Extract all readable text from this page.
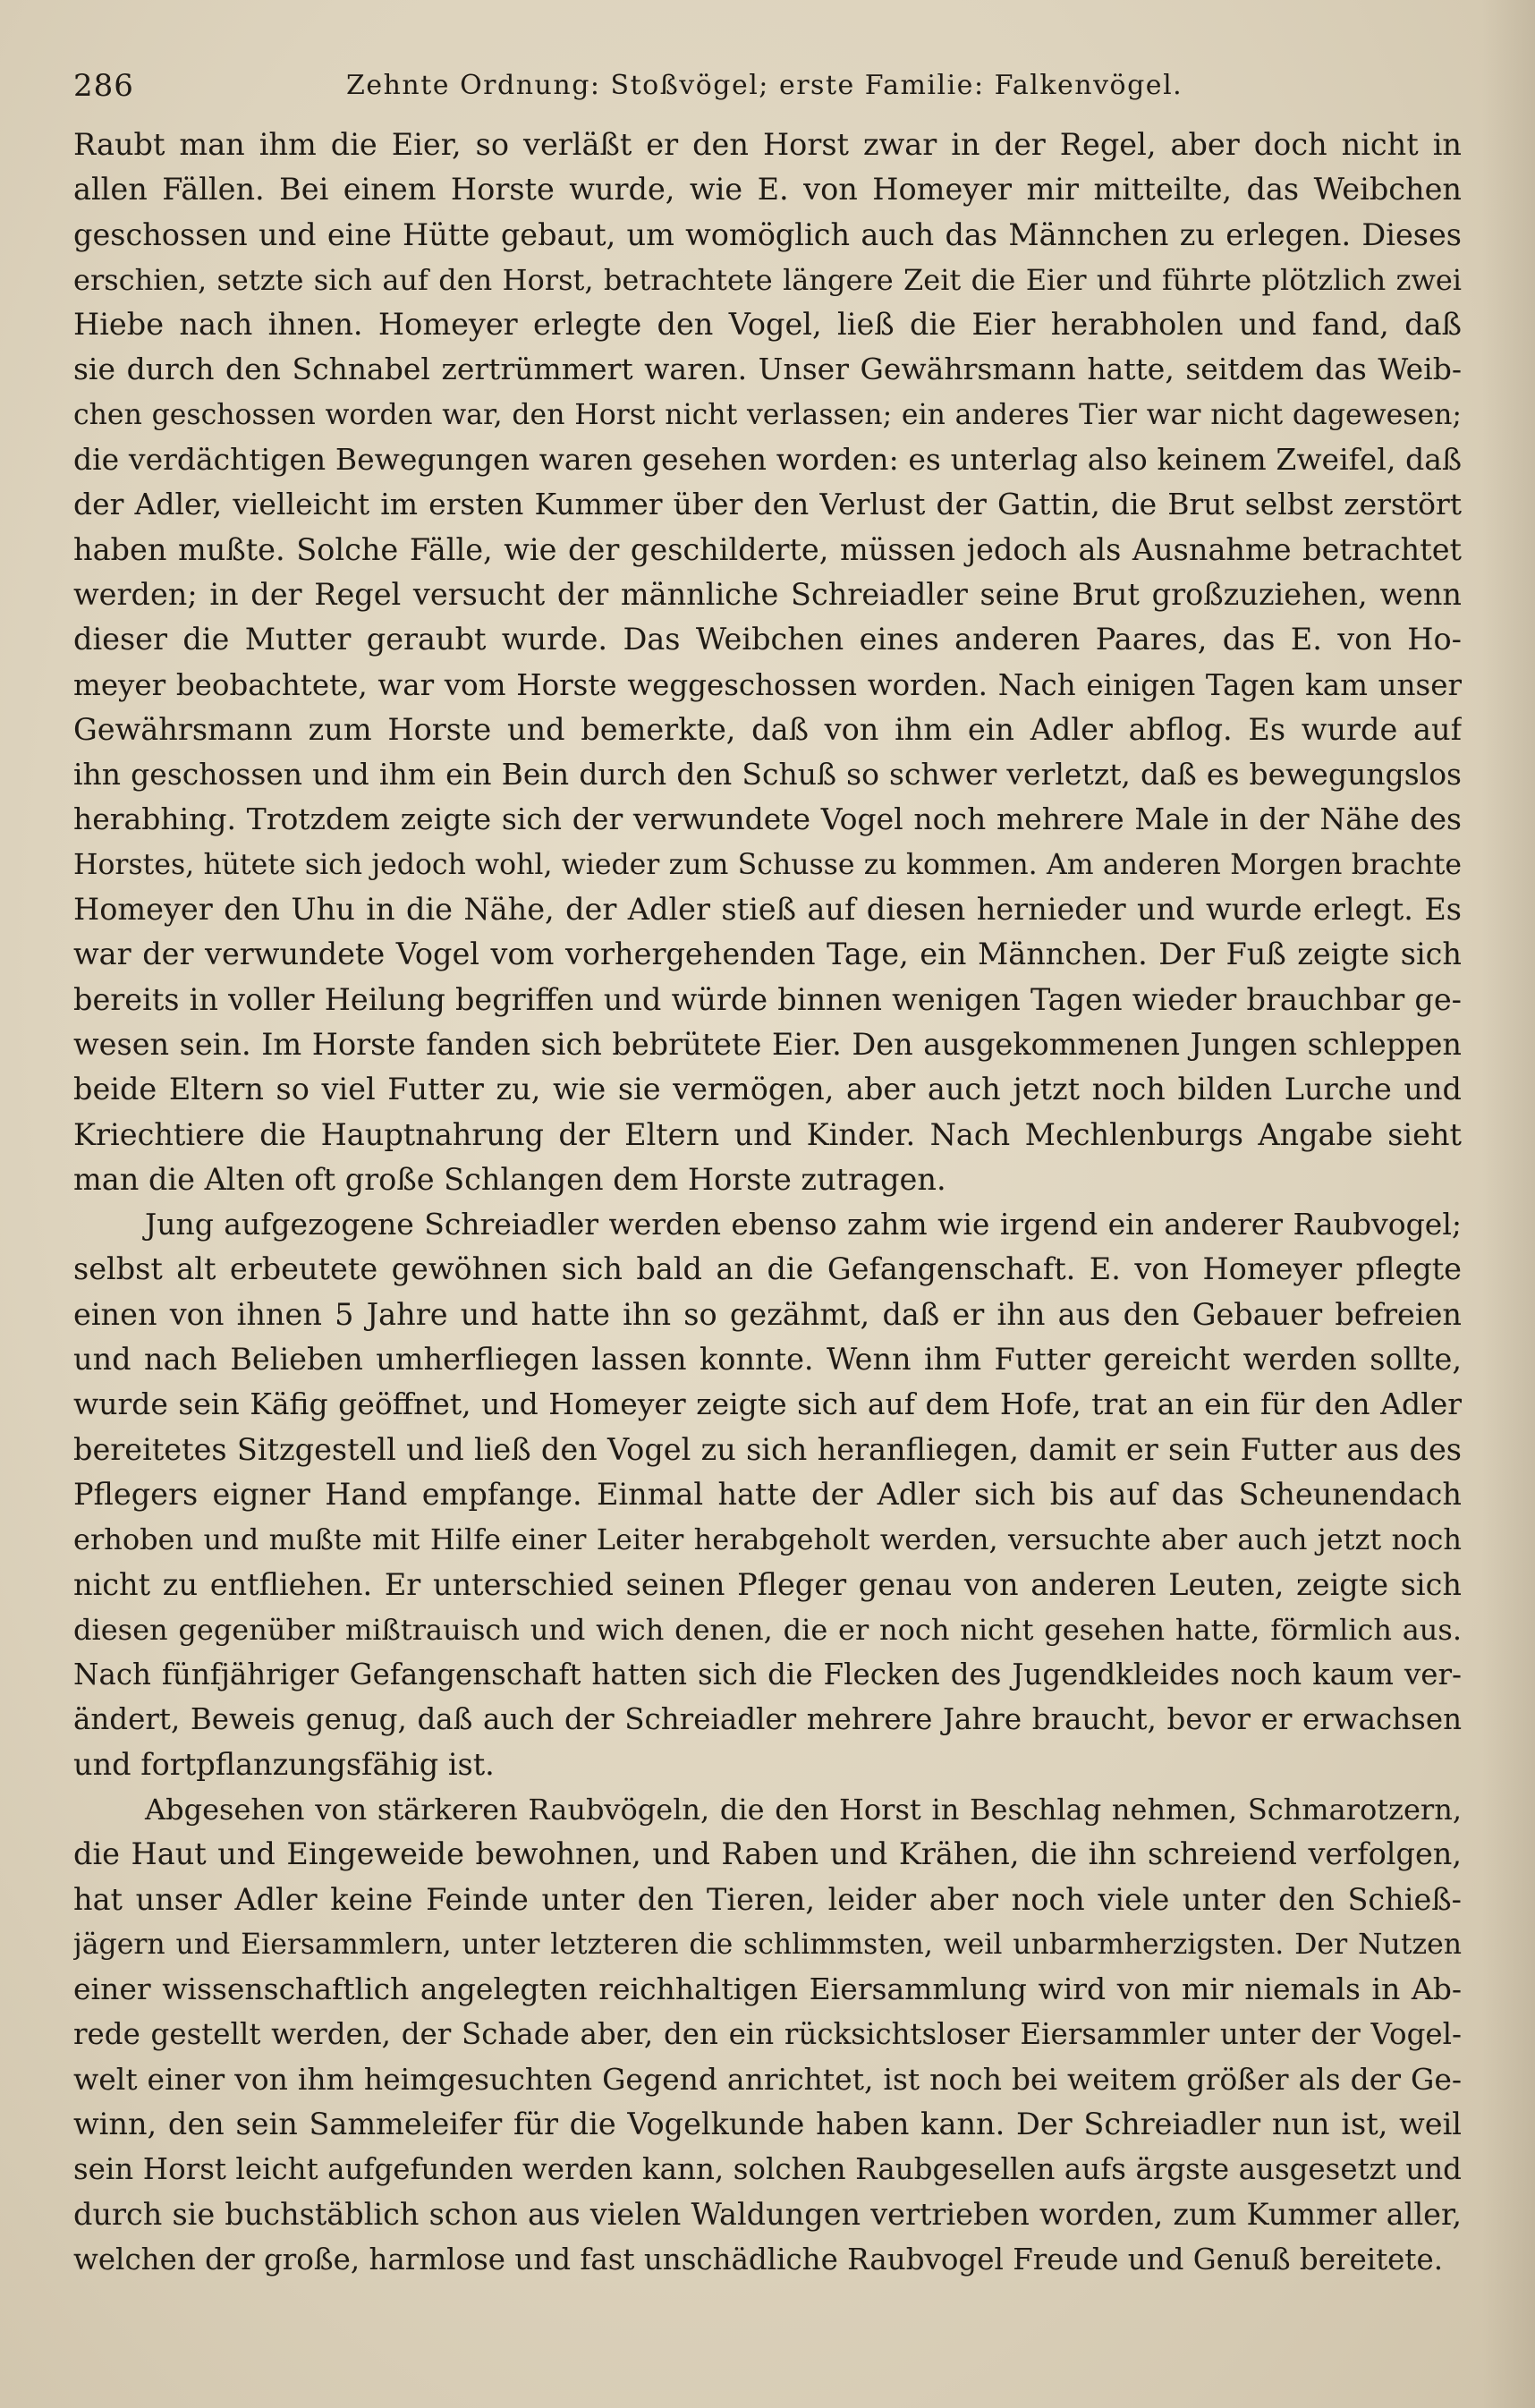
286	Zehnte Ordnung: Stoßvögel; erste Familie: Falkenvögel.
Raubt man ihm die Eier, so verläßt er den Horst zwar in der Regel, aber doch nicht in
allen Fällen. Bei einem Horste wurde, wie E. von Homeyer mir mitteilte, das Weibchen
geschossen und eine Hütte gebaut, um womöglich auch das Männchen zu erlegen. Dieses
erschien, setzte sich auf den Horst, betrachtete längere Zeit die Eier und führte plötzlich zwei
Hiebe nach ihnen. Homeyer erlegte den Vogel, ließ die Eier herabholen und fand, daß
sie durch den Schnabel zertrümmert waren. Unser Gewährsmann hatte, seitdem das Weib-
chen geschossen worden war, den Horst nicht verlassen; ein anderes Tier war nicht dagewesen;
die verdächtigen Bewegungen waren gesehen worden: es unterlag also keinem Zweifel, daß
der Adler, vielleicht im ersten Kummer über den Verlust der Gattin, die Brut selbst zerstört
haben mußte. Solche Fälle, wie der geschilderte, müssen jedoch als Ausnahme betrachtet
werden; in der Regel versucht der männliche Schreiadler seine Brut großzuziehen, wenn
dieser die Mutter geraubt wurde. Das Weibchen eines anderen Paares, das E. von Ho-
meyer beobachtete, war vom Horste weggeschossen worden. Nach einigen Tagen kam unser
Gewährsmann zum Horste und bemerkte, daß von ihm ein Adler abflog. Es wurde auf
ihn geschossen und ihm ein Bein durch den Schuß so schwer verletzt, daß es bewegungslos
herabhing. Trotzdem zeigte sich der verwundete Vogel noch mehrere Male in der Nähe des
Horstes, hütete sich jedoch wohl, wieder zum Schusse zu kommen. Am anderen Morgen brachte
Homeyer den Uhu in die Nähe, der Adler stieß auf diesen hernieder und wurde erlegt. Es
war der verwundete Vogel vom vorhergehenden Tage, ein Männchen. Der Fuß zeigte sich
bereits in voller Heilung begriffen und würde binnen wenigen Tagen wieder brauchbar ge-
wesen sein. Im Horste fanden sich bebrütete Eier. Den ausgekommenen Jungen schleppen
beide Eltern so viel Futter zu, wie sie vermögen, aber auch jetzt noch bilden Lurche und
Kriechtiere die Hauptnahrung der Eltern und Kinder. Nach Mechlenburgs Angabe sieht
man die Alten oft große Schlangen dem Horste zutragen.
Jung aufgezogene Schreiadler werden ebenso zahm wie irgend ein anderer Raubvogel;
selbst alt erbeutete gewöhnen sich bald an die Gefangenschaft. E. von Homeyer pflegte
einen von ihnen 5 Jahre und hatte ihn so gezähmt, daß er ihn aus den Gebauer befreien
und nach Belieben umherfliegen lassen konnte. Wenn ihm Futter gereicht werden sollte,
wurde sein Käfig geöffnet, und Homeyer zeigte sich auf dem Hofe, trat an ein für den Adler
bereitetes Sitzgestell und ließ den Vogel zu sich heranfliegen, damit er sein Futter aus des
Pflegers eigner Hand empfange. Einmal hatte der Adler sich bis auf das Scheunendach
erhoben und mußte mit Hilfe einer Leiter herabgeholt werden, versuchte aber auch jetzt noch
nicht zu entfliehen. Er unterschied seinen Pfleger genau von anderen Leuten, zeigte sich
diesen gegenüber mißtrauisch und wich denen, die er noch nicht gesehen hatte, förmlich aus.
Nach fünfjähriger Gefangenschaft hatten sich die Flecken des Jugendkleides noch kaum ver-
ändert, Beweis genug, daß auch der Schreiadler mehrere Jahre braucht, bevor er erwachsen
und fortpflanzungsfähig ist.
Abgesehen von stärkeren Raubvögeln, die den Horst in Beschlag nehmen, Schmarotzern,
die Haut und Eingeweide bewohnen, und Raben und Krähen, die ihn schreiend verfolgen,
hat unser Adler keine Feinde unter den Tieren, leider aber noch viele unter den Schieß-
jägern und Eiersammlern, unter letzteren die schlimmsten, weil unbarmherzigsten. Der Nutzen
einer wissenschaftlich angelegten reichhaltigen Eiersammlung wird von mir niemals in Ab-
rede gestellt werden, der Schade aber, den ein rücksichtsloser Eiersammler unter der Vogel-
welt einer von ihm heimgesuchten Gegend anrichtet, ist noch bei weitem größer als der Ge-
winn, den sein Sammeleifer für die Vogelkunde haben kann. Der Schreiadler nun ist, weil
sein Horst leicht aufgefunden werden kann, solchen Raubgesellen aufs ärgste ausgesetzt und
durch sie buchstäblich schon aus vielen Waldungen vertrieben worden, zum Kummer aller,
welchen der große, harmlose und fast unschädliche Raubvogel Freude und Genuß bereitete.
